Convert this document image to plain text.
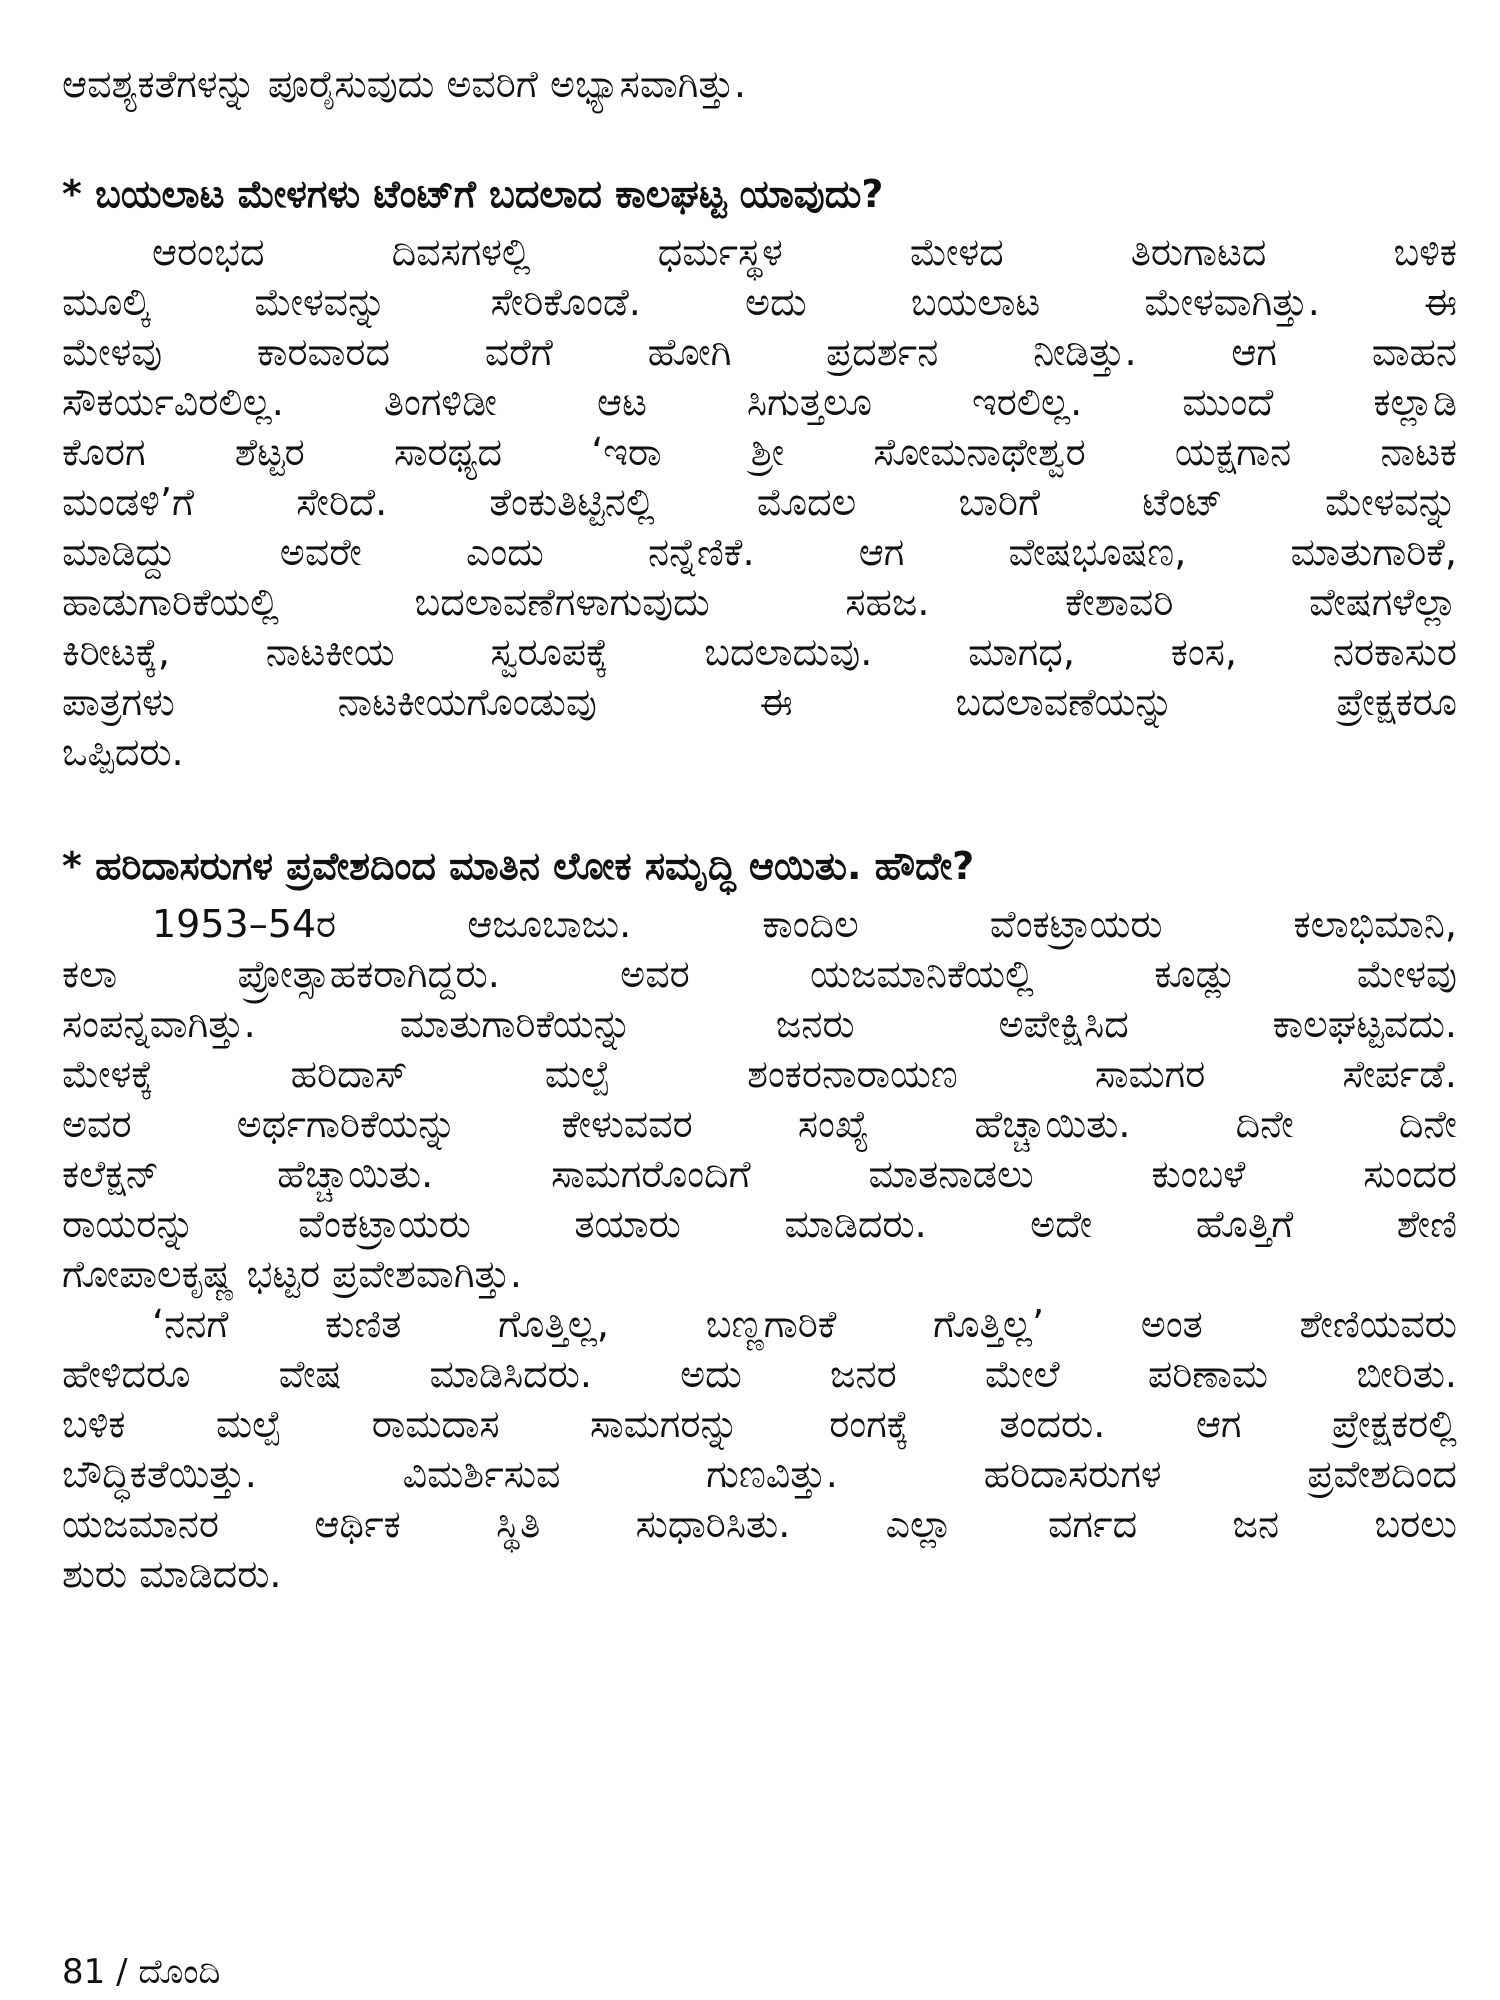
ಆವಶ್ಯಕತೆಗಳನ್ನು ಪೂರೈಸುವುದು ಅವರಿಗೆ ಅಭ್ಯಾಸವಾಗಿತ್ತು.

* ಬಯಲಾಟ ಮೇಳಗಳು ಟೆಂಟ್‌ಗೆ ಬದಲಾದ ಕಾಲಘಟ್ಟ ಯಾವುದು?

ಆರಂಭದ ದಿವಸಗಳಲ್ಲಿ ಧರ್ಮಸ್ಥಳ ಮೇಳದ ತಿರುಗಾಟದ ಬಳಿಕ

ಮೂಲ್ಕಿ ಮೇಳವನ್ನು ಸೇರಿಕೊಂಡೆ. ಅದು ಬಯಲಾಟ ಮೇಳವಾಗಿತ್ತು. ಈ

ಮೇಳವು ಕಾರವಾರದ ವರೆಗೆ ಹೋಗಿ ಪ್ರದರ್ಶನ ನೀಡಿತ್ತು. ಆಗ ವಾಹನ

ಸೌಕರ್ಯವಿರಲಿಲ್ಲ. ತಿಂಗಳಿಡೀ ಆಟ ಸಿಗುತ್ತಲೂ ಇರಲಿಲ್ಲ. ಮುಂದೆ ಕಲ್ಲಾಡಿ

ಕೊರಗ ಶೆಟ್ಟರ ಸಾರಥ್ಯದ ‘ಇರಾ ಶ್ರೀ ಸೋಮನಾಥೇಶ್ವರ ಯಕ್ಷಗಾನ ನಾಟಕ

ಮಂಡಳಿ’ಗೆ ಸೇರಿದೆ. ತೆಂಕುತಿಟ್ಟಿನಲ್ಲಿ ಮೊದಲ ಬಾರಿಗೆ ಟೆಂಟ್ ಮೇಳವನ್ನು

ಮಾಡಿದ್ದು ಅವರೇ ಎಂದು ನನ್ನೆಣಿಕೆ. ಆಗ ವೇಷಭೂಷಣ, ಮಾತುಗಾರಿಕೆ,

ಹಾಡುಗಾರಿಕೆಯಲ್ಲಿ ಬದಲಾವಣೆಗಳಾಗುವುದು ಸಹಜ. ಕೇಶಾವರಿ ವೇಷಗಳೆಲ್ಲಾ

ಕಿರೀಟಕ್ಕೆ, ನಾಟಕೀಯ ಸ್ವರೂಪಕ್ಕೆ ಬದಲಾದುವು. ಮಾಗಧ, ಕಂಸ, ನರಕಾಸುರ

ಪಾತ್ರಗಳು ನಾಟಕೀಯಗೊಂಡುವು ಈ ಬದಲಾವಣೆಯನ್ನು ಪ್ರೇಕ್ಷಕರೂ

ಒಪ್ಪಿದರು.

* ಹರಿದಾಸರುಗಳ ಪ್ರವೇಶದಿಂದ ಮಾತಿನ ಲೋಕ ಸಮೃದ್ಧಿ ಆಯಿತು. ಹೌದೇ?

1953–54ರ ಆಜೂಬಾಜು. ಕಾಂದಿಲ ವೆಂಕಟ್ರಾಯರು ಕಲಾಭಿಮಾನಿ,

ಕಲಾ ಪ್ರೋತ್ಸಾಹಕರಾಗಿದ್ದರು. ಅವರ ಯಜಮಾನಿಕೆಯಲ್ಲಿ ಕೂಡ್ಲು ಮೇಳವು

ಸಂಪನ್ನವಾಗಿತ್ತು. ಮಾತುಗಾರಿಕೆಯನ್ನು ಜನರು ಅಪೇಕ್ಷಿಸಿದ ಕಾಲಘಟ್ಟವದು.

ಮೇಳಕ್ಕೆ ಹರಿದಾಸ್ ಮಲ್ಪೆ ಶಂಕರನಾರಾಯಣ ಸಾಮಗರ ಸೇರ್ಪಡೆ.

ಅವರ ಅರ್ಥಗಾರಿಕೆಯನ್ನು ಕೇಳುವವರ ಸಂಖ್ಯೆ ಹೆಚ್ಚಾಯಿತು. ದಿನೇ ದಿನೇ

ಕಲೆಕ್ಷನ್ ಹೆಚ್ಚಾಯಿತು. ಸಾಮಗರೊಂದಿಗೆ ಮಾತನಾಡಲು ಕುಂಬಳೆ ಸುಂದರ

ರಾಯರನ್ನು ವೆಂಕಟ್ರಾಯರು ತಯಾರು ಮಾಡಿದರು. ಅದೇ ಹೊತ್ತಿಗೆ ಶೇಣಿ

ಗೋಪಾಲಕೃಷ್ಣ ಭಟ್ಟರ ಪ್ರವೇಶವಾಗಿತ್ತು.

‘ನನಗೆ ಕುಣಿತ ಗೊತ್ತಿಲ್ಲ, ಬಣ್ಣಗಾರಿಕೆ ಗೊತ್ತಿಲ್ಲ’ ಅಂತ ಶೇಣಿಯವರು

ಹೇಳಿದರೂ ವೇಷ ಮಾಡಿಸಿದರು. ಅದು ಜನರ ಮೇಲೆ ಪರಿಣಾಮ ಬೀರಿತು.

ಬಳಿಕ ಮಲ್ಪೆ ರಾಮದಾಸ ಸಾಮಗರನ್ನು ರಂಗಕ್ಕೆ ತಂದರು. ಆಗ ಪ್ರೇಕ್ಷಕರಲ್ಲಿ

ಬೌದ್ಧಿಕತೆಯಿತ್ತು. ವಿಮರ್ಶಿಸುವ ಗುಣವಿತ್ತು. ಹರಿದಾಸರುಗಳ ಪ್ರವೇಶದಿಂದ

ಯಜಮಾನರ ಆರ್ಥಿಕ ಸ್ಥಿತಿ ಸುಧಾರಿಸಿತು. ಎಲ್ಲಾ ವರ್ಗದ ಜನ ಬರಲು

ಶುರು ಮಾಡಿದರು.

81 / ದೊಂದಿ
